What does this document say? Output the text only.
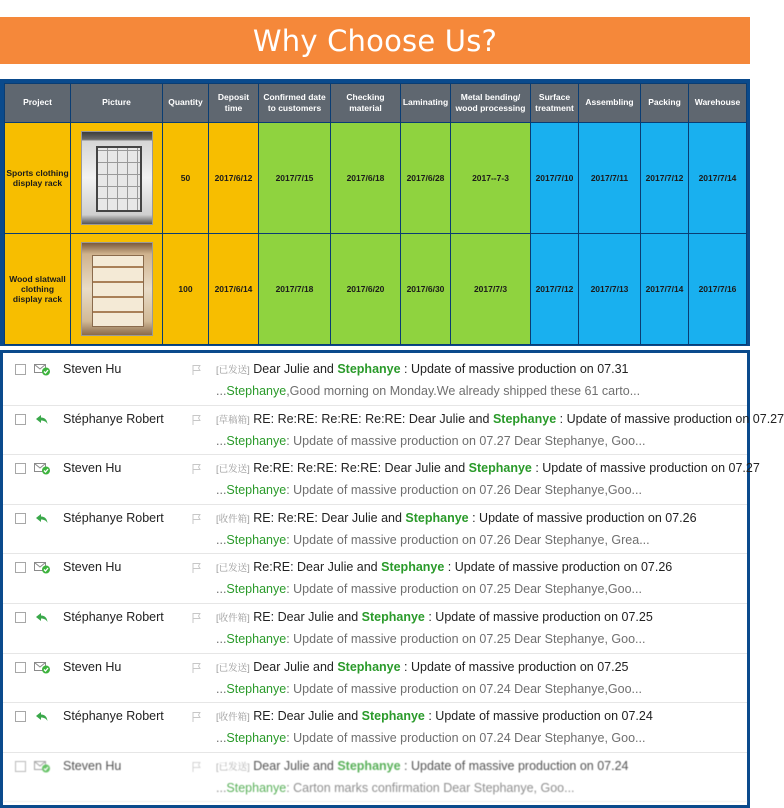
Why Choose Us?
Project	Picture	Quantity	Deposit time	Confirmed date to customers	Checking material	Laminating	Metal bending/ wood processing	Surface treatment	Assembling	Packing	Warehouse
Sports clothing display rack		50	2017/6/12	2017/7/15	2017/6/18	2017/6/28	2017--7-3	2017/7/10	2017/7/11	2017/7/12	2017/7/14
Wood slatwall clothing display rack		100	2017/6/14	2017/7/18	2017/6/20	2017/6/30	2017/7/3	2017/7/12	2017/7/13	2017/7/14	2017/7/16
Steven Hu	[已发送] Dear Julie and Stephanye : Update of massive production on 07.31
...Stephanye,Good morning on Monday.We already shipped these 61 carto...
Stéphanye Robert	[草稿箱] RE: Re:RE: Re:RE: Re:RE: Dear Julie and Stephanye : Update of massive production on 07.27
...Stephanye: Update of massive production on 07.27 Dear Stephanye, Goo...
Steven Hu	[已发送] Re:RE: Re:RE: Re:RE: Dear Julie and Stephanye : Update of massive production on 07.27
...Stephanye: Update of massive production on 07.26 Dear Stephanye,Goo...
Stéphanye Robert	[收件箱] RE: Re:RE: Dear Julie and Stephanye : Update of massive production on 07.26
...Stephanye: Update of massive production on 07.26 Dear Stephanye, Grea...
Steven Hu	[已发送] Re:RE: Dear Julie and Stephanye : Update of massive production on 07.26
...Stephanye: Update of massive production on 07.25 Dear Stephanye,Goo...
Stéphanye Robert	[收件箱] RE: Dear Julie and Stephanye : Update of massive production on 07.25
...Stephanye: Update of massive production on 07.25 Dear Stephanye, Goo...
Steven Hu	[已发送] Dear Julie and Stephanye : Update of massive production on 07.25
...Stephanye: Update of massive production on 07.24 Dear Stephanye,Goo...
Stéphanye Robert	[收件箱] RE: Dear Julie and Stephanye : Update of massive production on 07.24
...Stephanye: Update of massive production on 07.24 Dear Stephanye, Goo...
Steven Hu	[已发送] Dear Julie and Stephanye : Update of massive production on 07.24
...Stephanye: Carton marks confirmation Dear Stephanye, Goo...
